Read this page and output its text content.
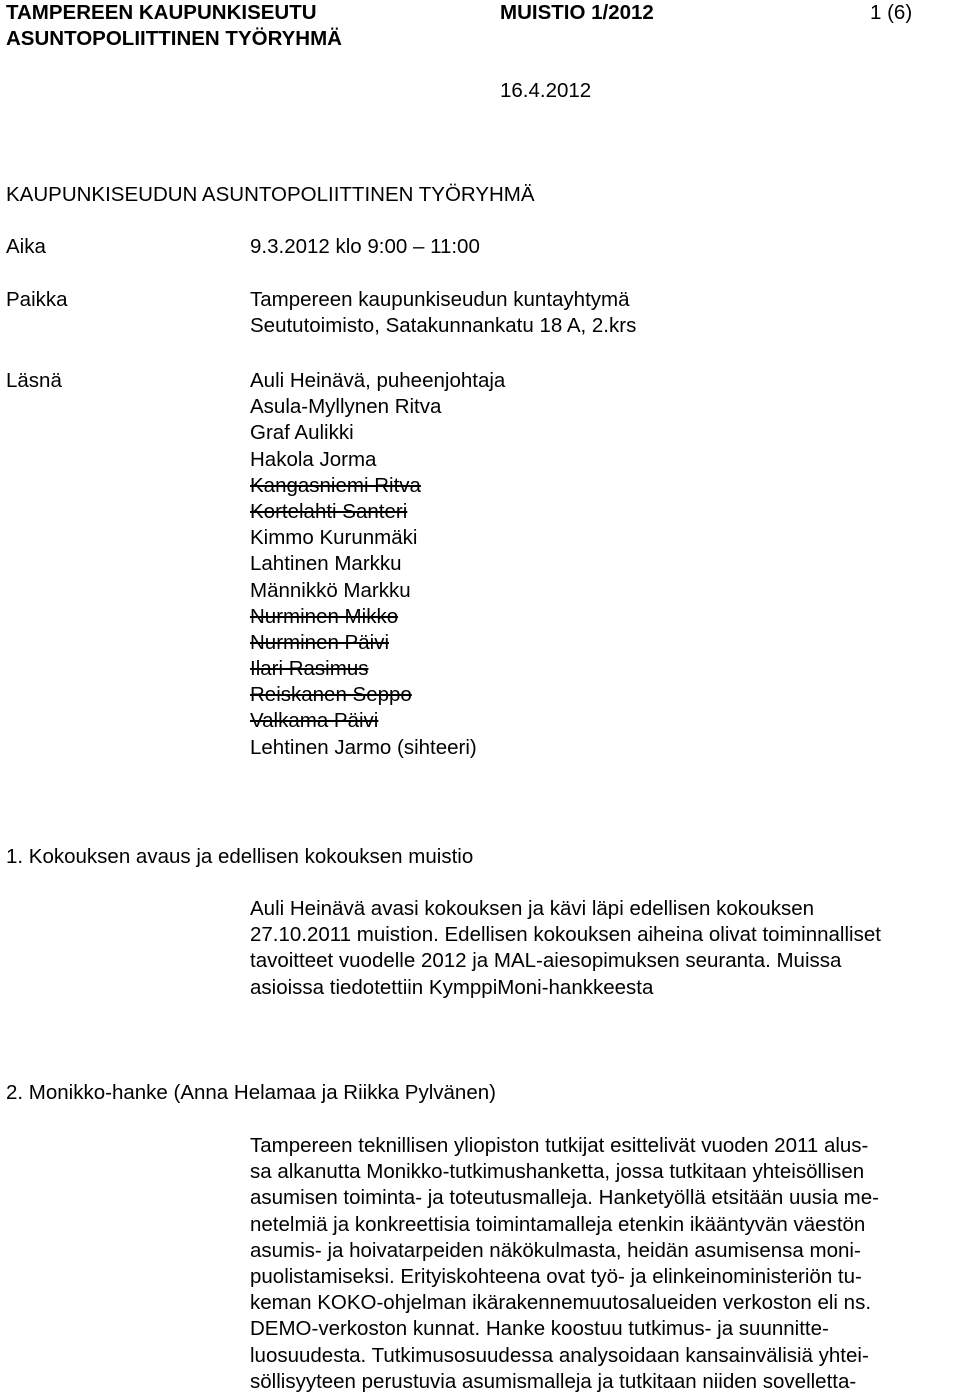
TAMPEREEN KAUPUNKISEUTU
ASUNTOPOLIITTINEN TYÖRYHMÄ
MUISTIO 1/2012	1 (6)
16.4.2012
KAUPUNKISEUDUN ASUNTOPOLIITTINEN TYÖRYHMÄ
Aika	9.3.2012 klo 9:00 – 11:00
Paikka	Tampereen kaupunkiseudun kuntayhtymä
Seututoimisto, Satakunnankatu 18 A, 2.krs
Läsnä	Auli Heinävä, puheenjohtaja
Asula-Myllynen Ritva
Graf Aulikki
Hakola Jorma
Kangasniemi Ritva
Kortelahti Santeri
Kimmo Kurunmäki
Lahtinen Markku
Männikkö Markku
Nurminen Mikko
Nurminen Päivi
Ilari Rasimus
Reiskanen Seppo
Valkama Päivi
Lehtinen Jarmo (sihteeri)
1. Kokouksen avaus ja edellisen kokouksen muistio
Auli Heinävä avasi kokouksen ja kävi läpi edellisen kokouksen
27.10.2011 muistion. Edellisen kokouksen aiheina olivat toiminnalliset
tavoitteet vuodelle 2012 ja MAL-aiesopimuksen seuranta. Muissa
asioissa tiedotettiin KymppiMoni-hankkeesta
2. Monikko-hanke (Anna Helamaa ja Riikka Pylvänen)
Tampereen teknillisen yliopiston tutkijat esittelivät vuoden 2011 alus-
sa alkanutta Monikko-tutkimushanketta, jossa tutkitaan yhteisöllisen
asumisen toiminta- ja toteutusmalleja. Hanketyöllä etsitään uusia me-
netelmiä ja konkreettisia toimintamalleja etenkin ikääntyvän väestön
asumis- ja hoivatarpeiden näkökulmasta, heidän asumisensa moni-
puolistamiseksi. Erityiskohteena ovat työ- ja elinkeinoministeriön tu-
keman KOKO-ohjelman ikärakennemuutosalueiden verkoston eli ns.
DEMO-verkoston kunnat. Hanke koostuu tutkimus- ja suunnitte-
luosuudesta. Tutkimusosuudessa analysoidaan kansainvälisiä yhtei-
söllisyyteen perustuvia asumismalleja ja tutkitaan niiden sovelletta-
